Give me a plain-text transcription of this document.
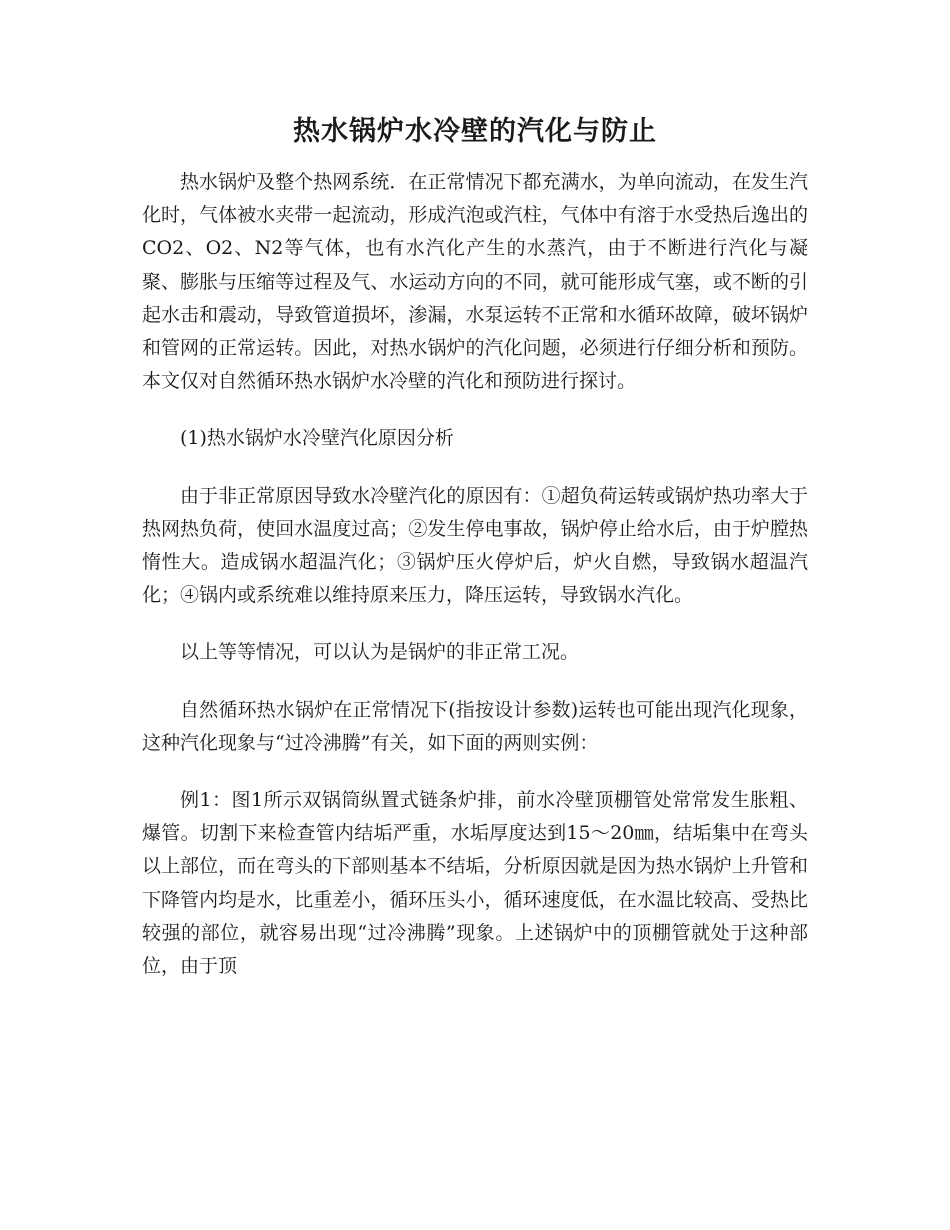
热水锅炉水冷壁的汽化与防止

热水锅炉及整个热网系统．在正常情况下都充满水，为单向流动，在发生汽化时，气体被水夹带一起流动，形成汽泡或汽柱，气体中有溶于水受热后逸出的CO2、O2、N2等气体，也有水汽化产生的水蒸汽，由于不断进行汽化与凝聚、膨胀与压缩等过程及气、水运动方向的不同，就可能形成气塞，或不断的引起水击和震动，导致管道损坏，渗漏，水泵运转不正常和水循环故障，破坏锅炉和管网的正常运转。因此，对热水锅炉的汽化问题，必须进行仔细分析和预防。本文仅对自然循环热水锅炉水冷壁的汽化和预防进行探讨。

(1)热水锅炉水冷壁汽化原因分析

由于非正常原因导致水冷壁汽化的原因有：①超负荷运转或锅炉热功率大于热网热负荷，使回水温度过高；②发生停电事故，锅炉停止给水后，由于炉膛热惰性大。造成锅水超温汽化；③锅炉压火停炉后，炉火自燃，导致锅水超温汽化；④锅内或系统难以维持原来压力，降压运转，导致锅水汽化。

以上等等情况，可以认为是锅炉的非正常工况。

自然循环热水锅炉在正常情况下(指按设计参数)运转也可能出现汽化现象，这种汽化现象与“过冷沸腾”有关，如下面的两则实例：

例1：图1所示双锅筒纵置式链条炉排，前水冷壁顶棚管处常常发生胀粗、爆管。切割下来检查管内结垢严重，水垢厚度达到15～20㎜，结垢集中在弯头以上部位，而在弯头的下部则基本不结垢，分析原因就是因为热水锅炉上升管和下降管内均是水，比重差小，循环压头小，循环速度低，在水温比较高、受热比较强的部位，就容易出现“过冷沸腾”现象。上述锅炉中的顶棚管就处于这种部位，由于顶
